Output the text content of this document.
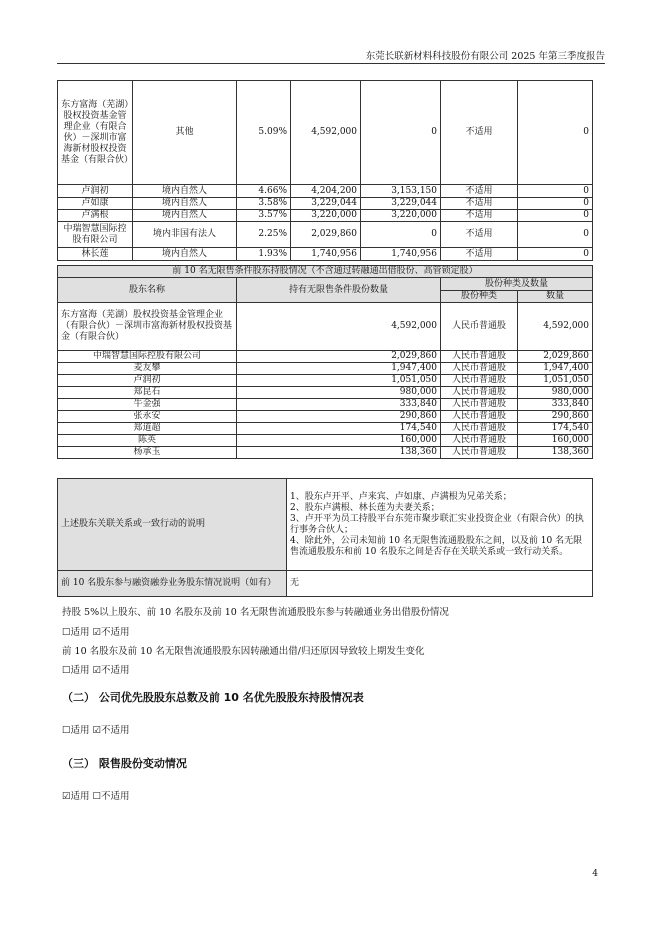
东莞长联新材料科技股份有限公司 2025 年第三季度报告
东方富海（芜湖）股权投资基金管理企业（有限合伙）－深圳市富海新材股权投资基金（有限合伙）	其他	5.09%	4,592,000	0	不适用	0
卢润初	境内自然人	4.66%	4,204,200	3,153,150	不适用	0
卢如康	境内自然人	3.58%	3,229,044	3,229,044	不适用	0
卢满根	境内自然人	3.57%	3,220,000	3,220,000	不适用	0
中瑞智慧国际控股有限公司	境内非国有法人	2.25%	2,029,860	0	不适用	0
林长莲	境内自然人	1.93%	1,740,956	1,740,956	不适用	0
前 10 名无限售条件股东持股情况（不含通过转融通出借股份、高管锁定股）			
股东名称	持有无限售条件股份数量	股份种类及数量	
		股份种类	数量
东方富海（芜湖）股权投资基金管理企业（有限合伙）－深圳市富海新材股权投资基金（有限合伙）	4,592,000	人民币普通股	4,592,000
中瑞智慧国际控股有限公司	2,029,860	人民币普通股	2,029,860
麦友攀	1,947,400	人民币普通股	1,947,400
卢润初	1,051,050	人民币普通股	1,051,050
郑昆石	980,000	人民币普通股	980,000
牛金强	333,840	人民币普通股	333,840
张永安	290,860	人民币普通股	290,860
郑道超	174,540	人民币普通股	174,540
陈英	160,000	人民币普通股	160,000
杨承玉	138,360	人民币普通股	138,360
上述股东关联关系或一致行动的说明	1、股东卢开平、卢来宾、卢如康、卢满根为兄弟关系；
2、股东卢满根、林长莲为夫妻关系；
3、卢开平为员工持股平台东莞市聚步联汇实业投资企业（有限合伙）的执行事务合伙人；
4、除此外，公司未知前 10 名无限售流通股股东之间，以及前 10 名无限售流通股股东和前 10 名股东之间是否存在关联关系或一致行动关系。

前 10 名股东参与融资融券业务股东情况说明（如有）	无
持股 5%以上股东、前 10 名股东及前 10 名无限售流通股股东参与转融通业务出借股份情况
☐适用 ☑不适用
前 10 名股东及前 10 名无限售流通股股东因转融通出借/归还原因导致较上期发生变化
☐适用 ☑不适用
（二） 公司优先股股东总数及前 10 名优先股股东持股情况表
☐适用 ☑不适用
（三） 限售股份变动情况
☑适用 ☐不适用
4
